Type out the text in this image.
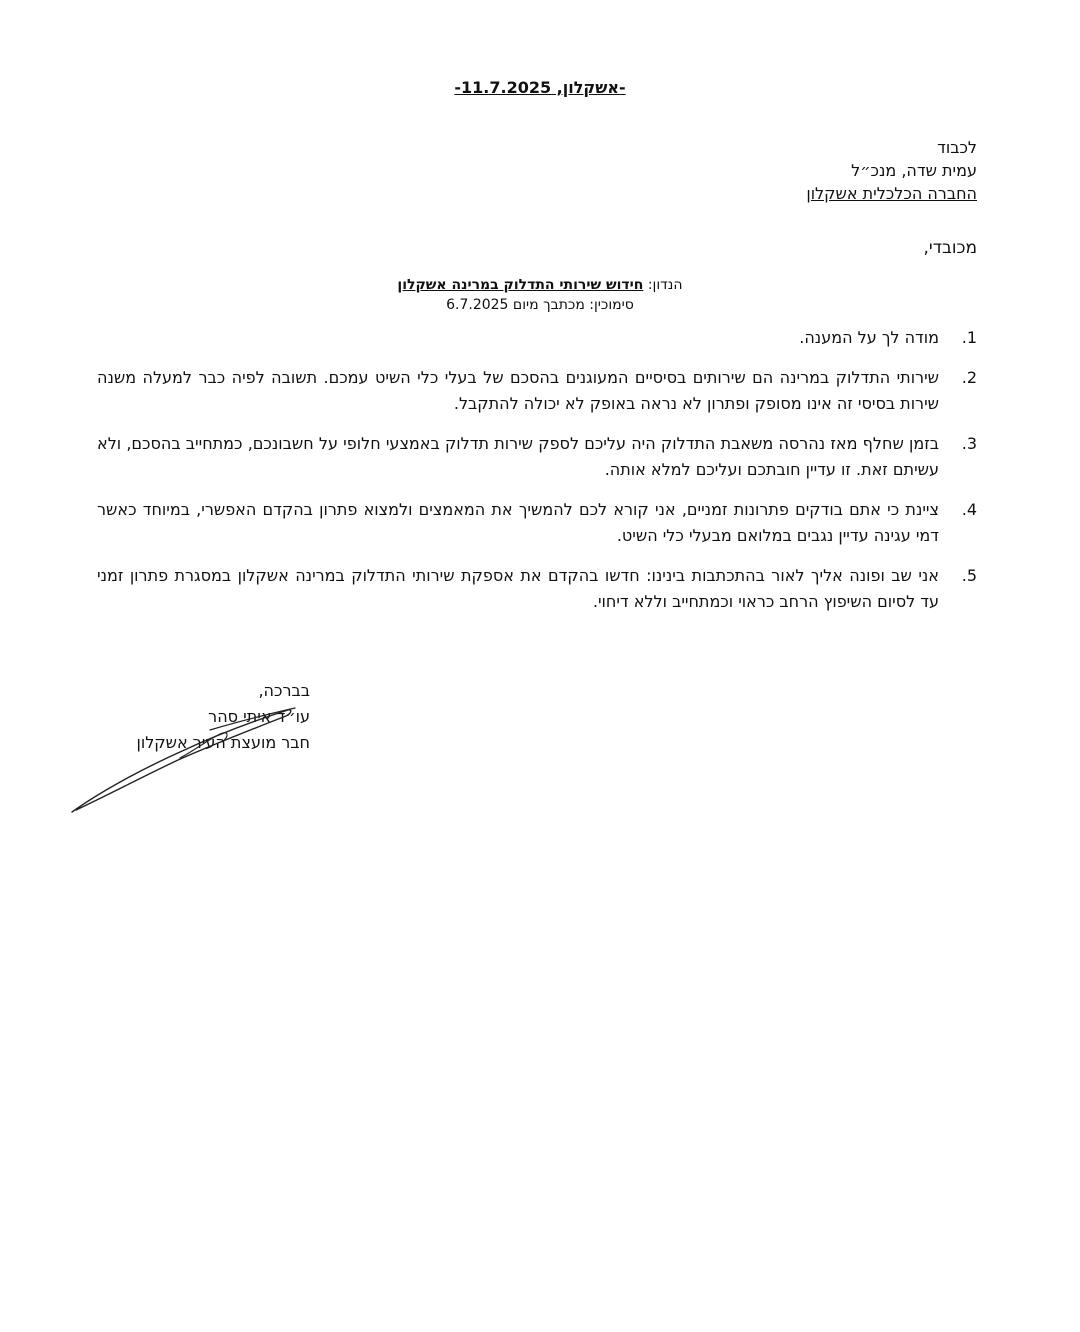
-אשקלון, 11.7.2025-
לכבוד
עמית שדה, מנכ״ל
החברה הכלכלית אשקלון
מכובדי,
הנדון: חידוש שירותי התדלוק במרינה אשקלון
סימוכין: מכתבך מיום 6.7.2025
1.
מודה לך על המענה.
2.
שירותי התדלוק במרינה הם שירותים בסיסיים המעוגנים בהסכם של בעלי כלי השיט עמכם. תשובה לפיה כבר למעלה משנה שירות בסיסי זה אינו מסופק ופתרון לא נראה באופק לא יכולה להתקבל.
3.
בזמן שחלף מאז נהרסה משאבת התדלוק היה עליכם לספק שירות תדלוק באמצעי חלופי על חשבונכם, כמתחייב בהסכם, ולא עשיתם זאת. זו עדיין חובתכם ועליכם למלא אותה.
4.
ציינת כי אתם בודקים פתרונות זמניים, אני קורא לכם להמשיך את המאמצים ולמצוא פתרון בהקדם האפשרי, במיוחד כאשר דמי עגינה עדיין נגבים במלואם מבעלי כלי השיט.
5.
אני שב ופונה אליך לאור בהתכתבות בינינו: חדשו בהקדם את אספקת שירותי התדלוק במרינה אשקלון במסגרת פתרון זמני עד לסיום השיפוץ הרחב כראוי וכמתחייב וללא דיחוי.
בברכה,
עו״ד איתי סהר
חבר מועצת העיר אשקלון
